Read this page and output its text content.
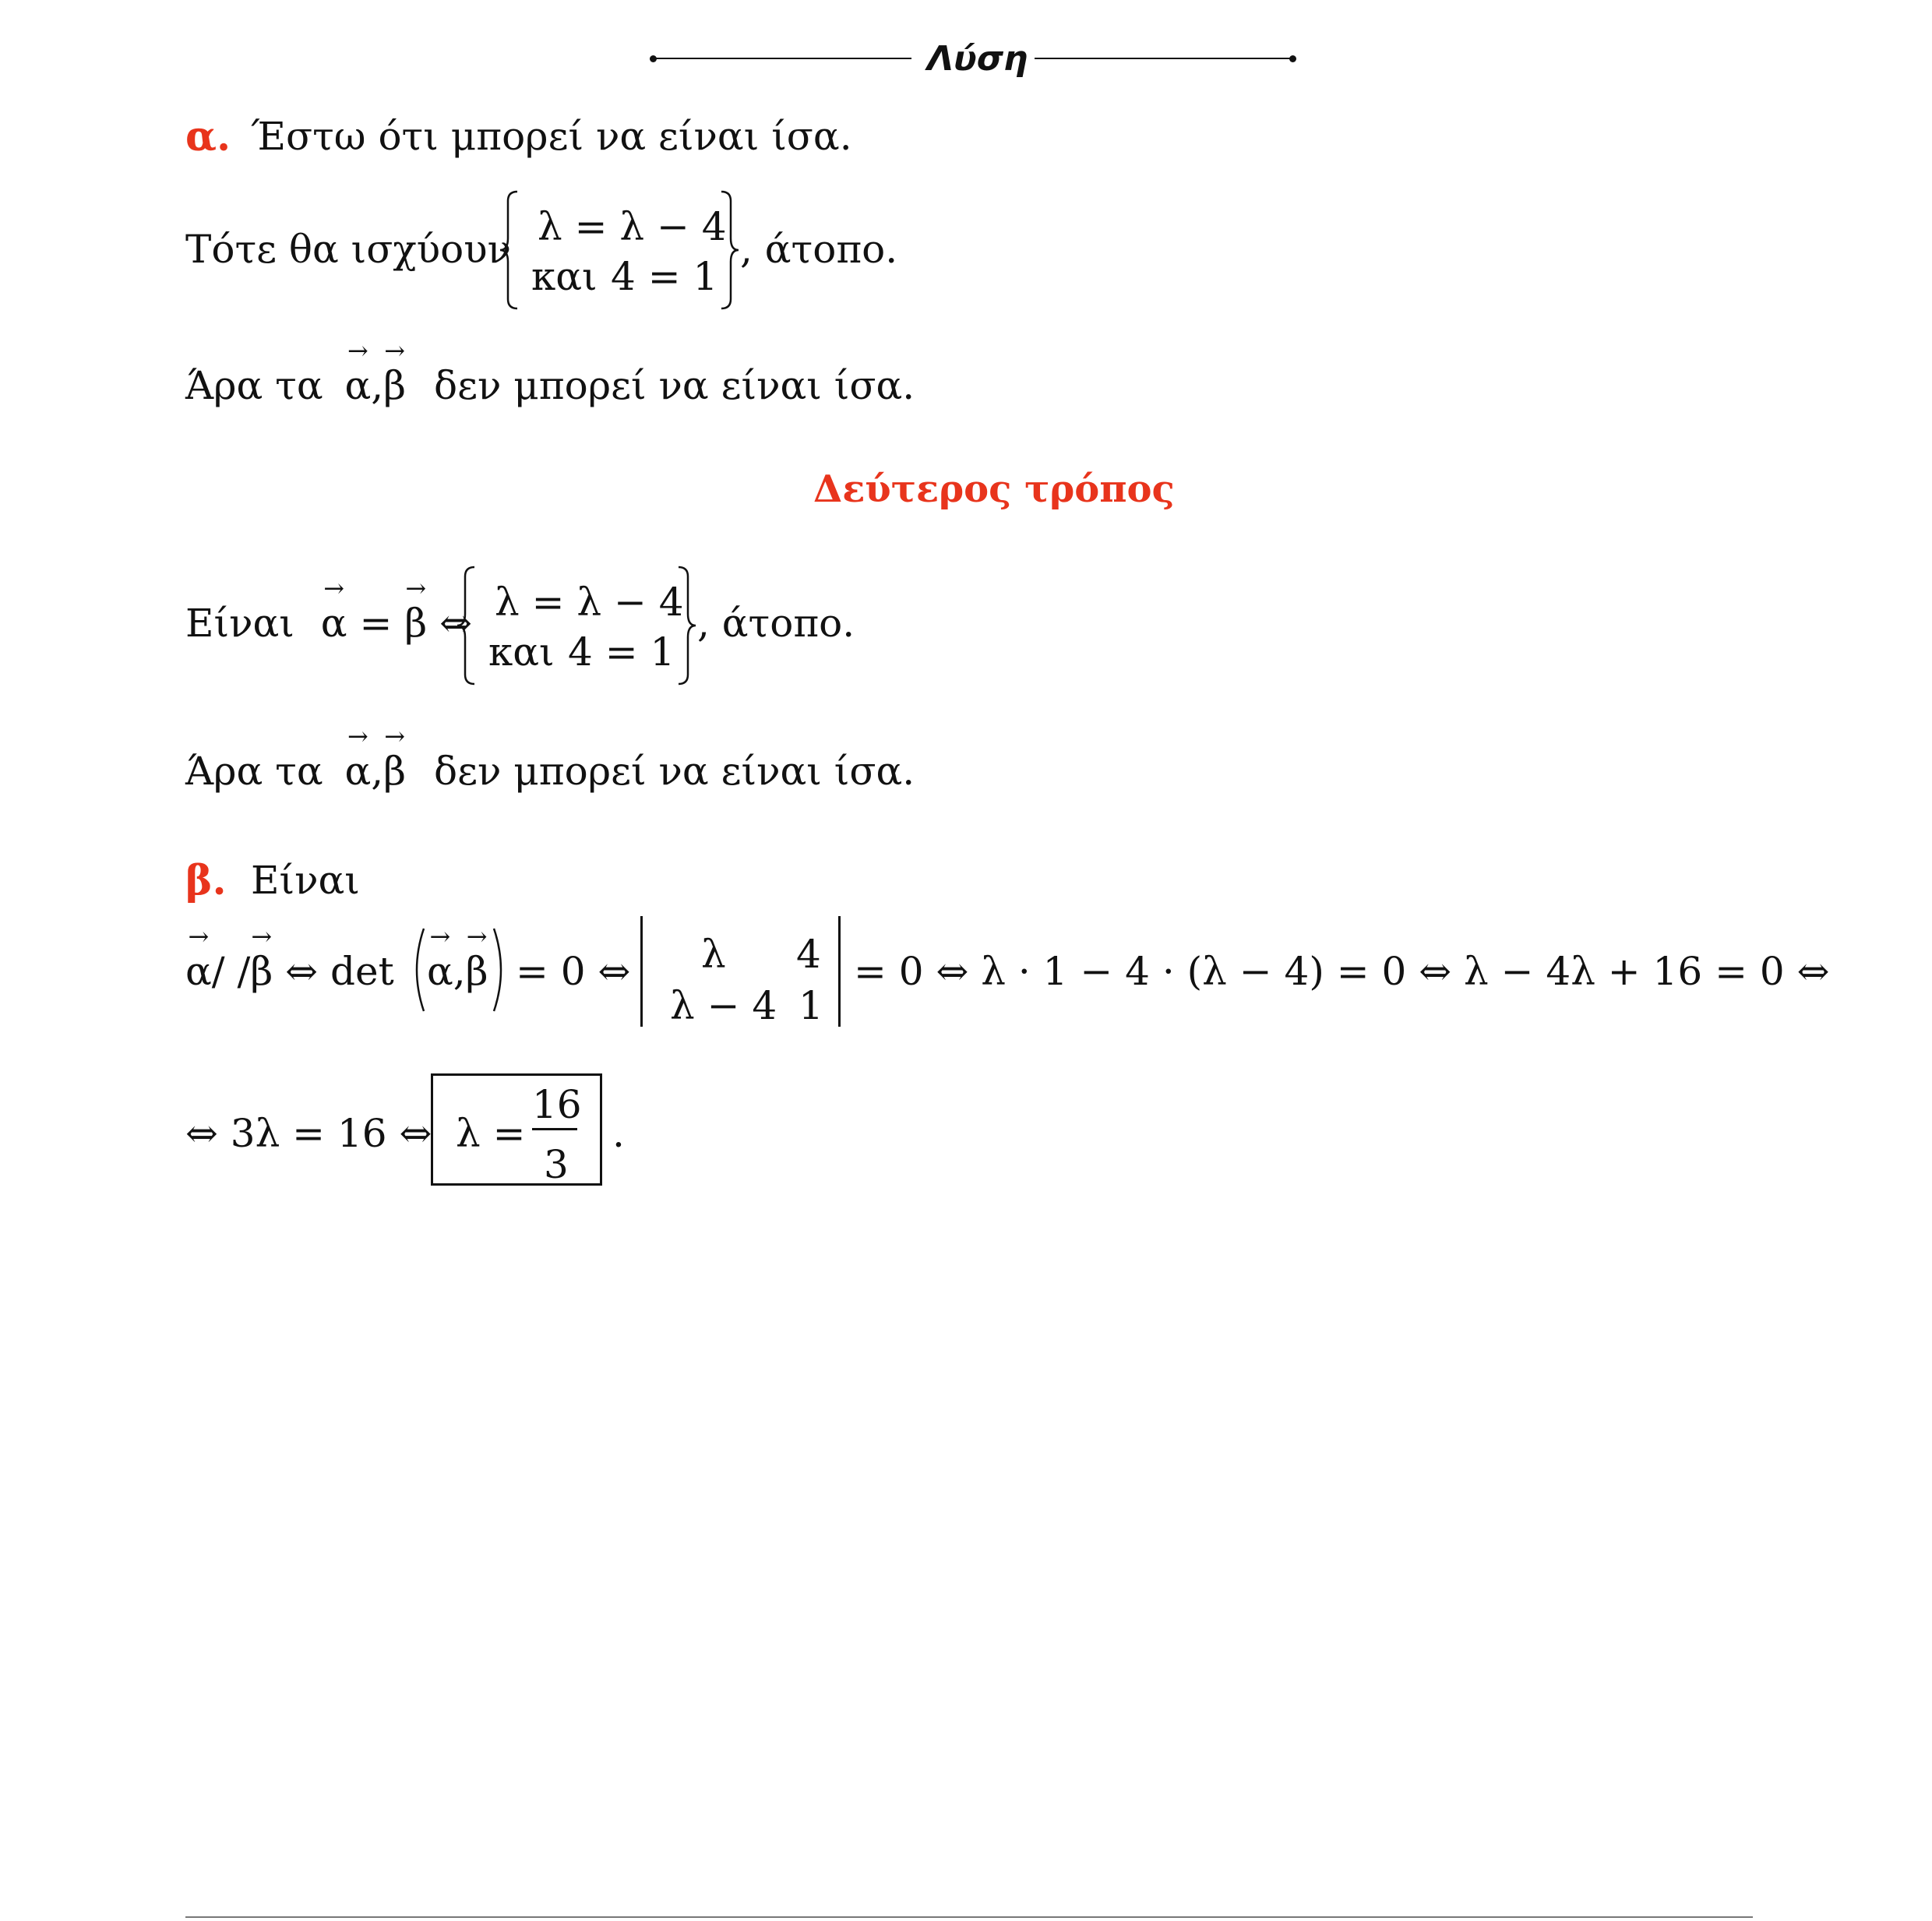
Λύση
α. Έστω ότι μπορεί να είναι ίσα.
Τότε θα ισχύουν λ = λ − 4
και 4 = 1
, άτοπο.
Άρα τα
→
α,
→
β δεν μπορεί να είναι ίσα.
Δεύτερος τρόπος
Είναι
→
α =
→
β ⇔ λ = λ − 4
και 4 = 1
, άτοπο.
Άρα τα
→
α,
→
β δεν μπορεί να είναι ίσα.
β. Είναι
→
α/ /
→
β ⇔ det
→
α,
→
β = 0 ⇔ λ 4
λ − 4 1
= 0 ⇔ λ · 1 − 4 · (λ − 4) = 0 ⇔ λ − 4λ + 16 = 0 ⇔
⇔ 3λ = 16 ⇔ λ =
16
3
.
